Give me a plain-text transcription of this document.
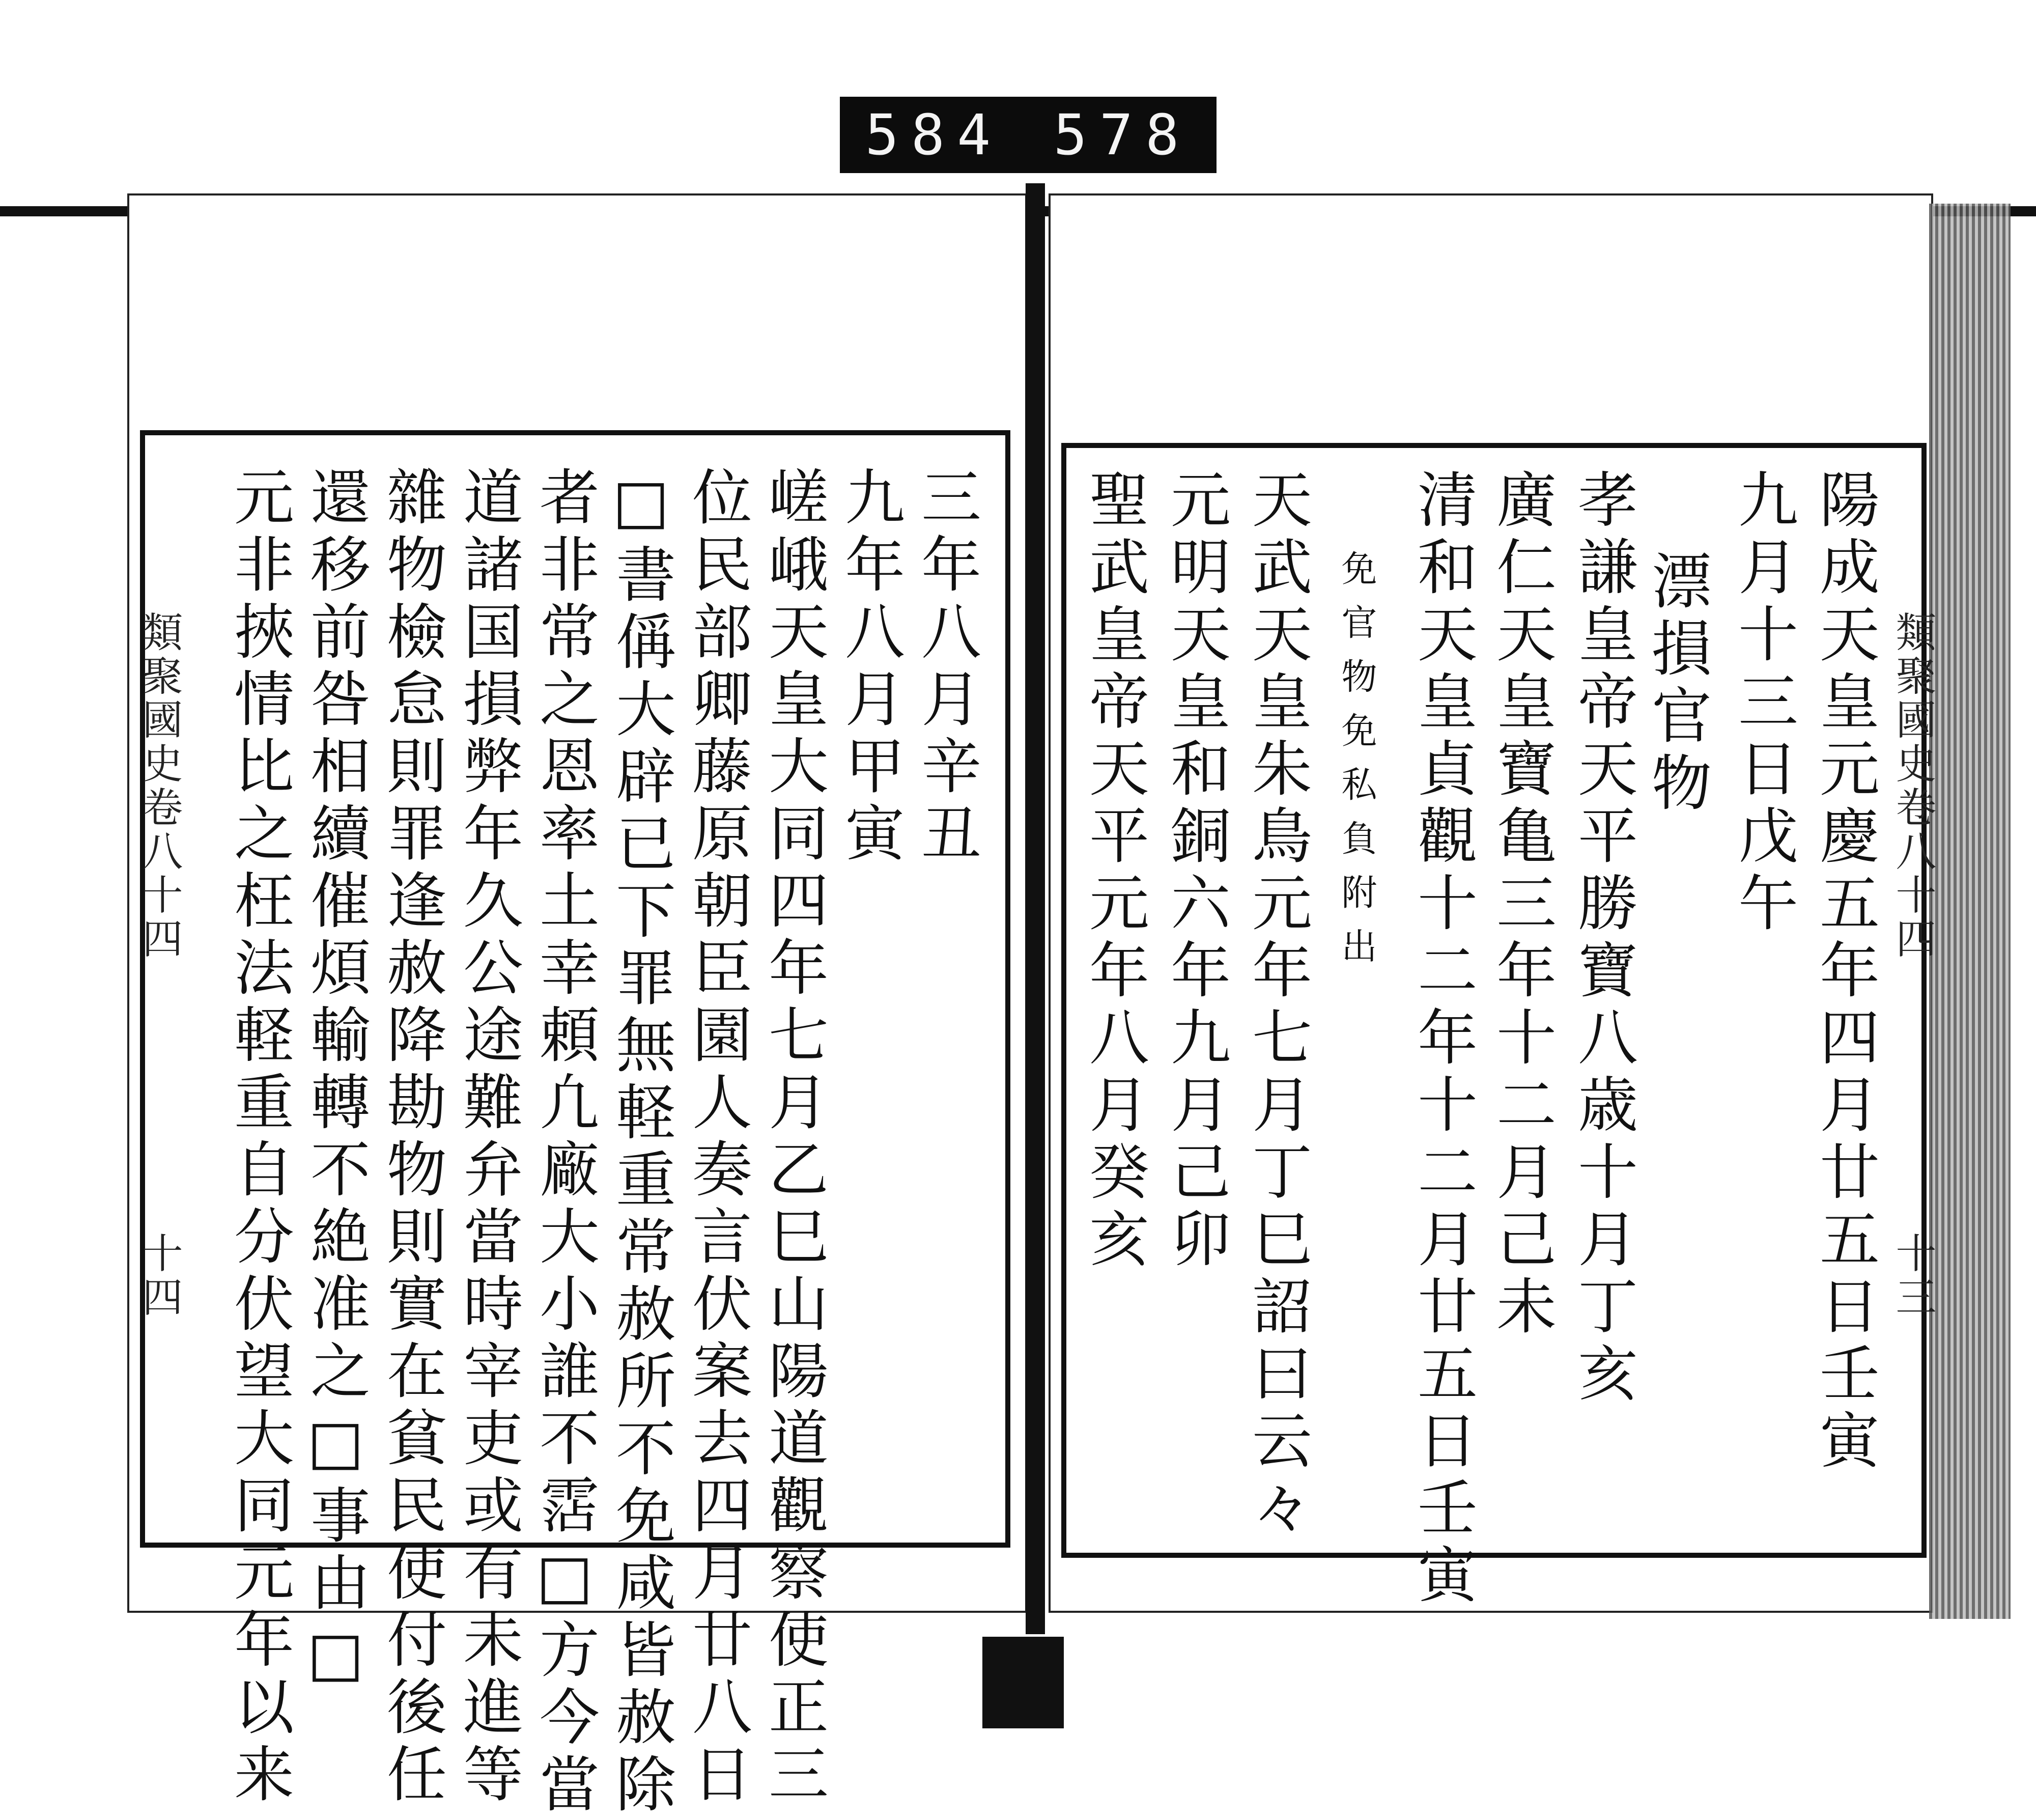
584 578
類聚國史卷八十四
十三
類聚國史卷八十四
十四	陽成天皇元慶五年四月廿五日壬寅
九月十三日戊午
漂損官物
孝謙皇帝天平勝寶八歳十月丁亥
廣仁天皇寶亀三年十二月己未
清和天皇貞觀十二年十二月廿五日壬寅
免官物免私負附出
天武天皇朱鳥元年七月丁巳詔曰云々
元明天皇和銅六年九月己卯
聖武皇帝天平元年八月癸亥
三年八月辛丑
九年八月甲寅
嵯峨天皇大同四年七月乙巳山陽道觀察使正三
位民部卿藤原朝臣園人奏言伏案去四月廿八日
□書偁大辟已下罪無軽重常赦所不免咸皆赦除
者非常之恩率土幸頼凢廠大小誰不霑□方今當
道諸国損弊年久公途難弁當時宰吏或有未進等
雜物檢怠則罪逢赦降勘物則實在貧民使付後任
還移前咎相續催煩輸轉不絶准之□事由□
元非挾情比之枉法軽重自分伏望大同元年以来
